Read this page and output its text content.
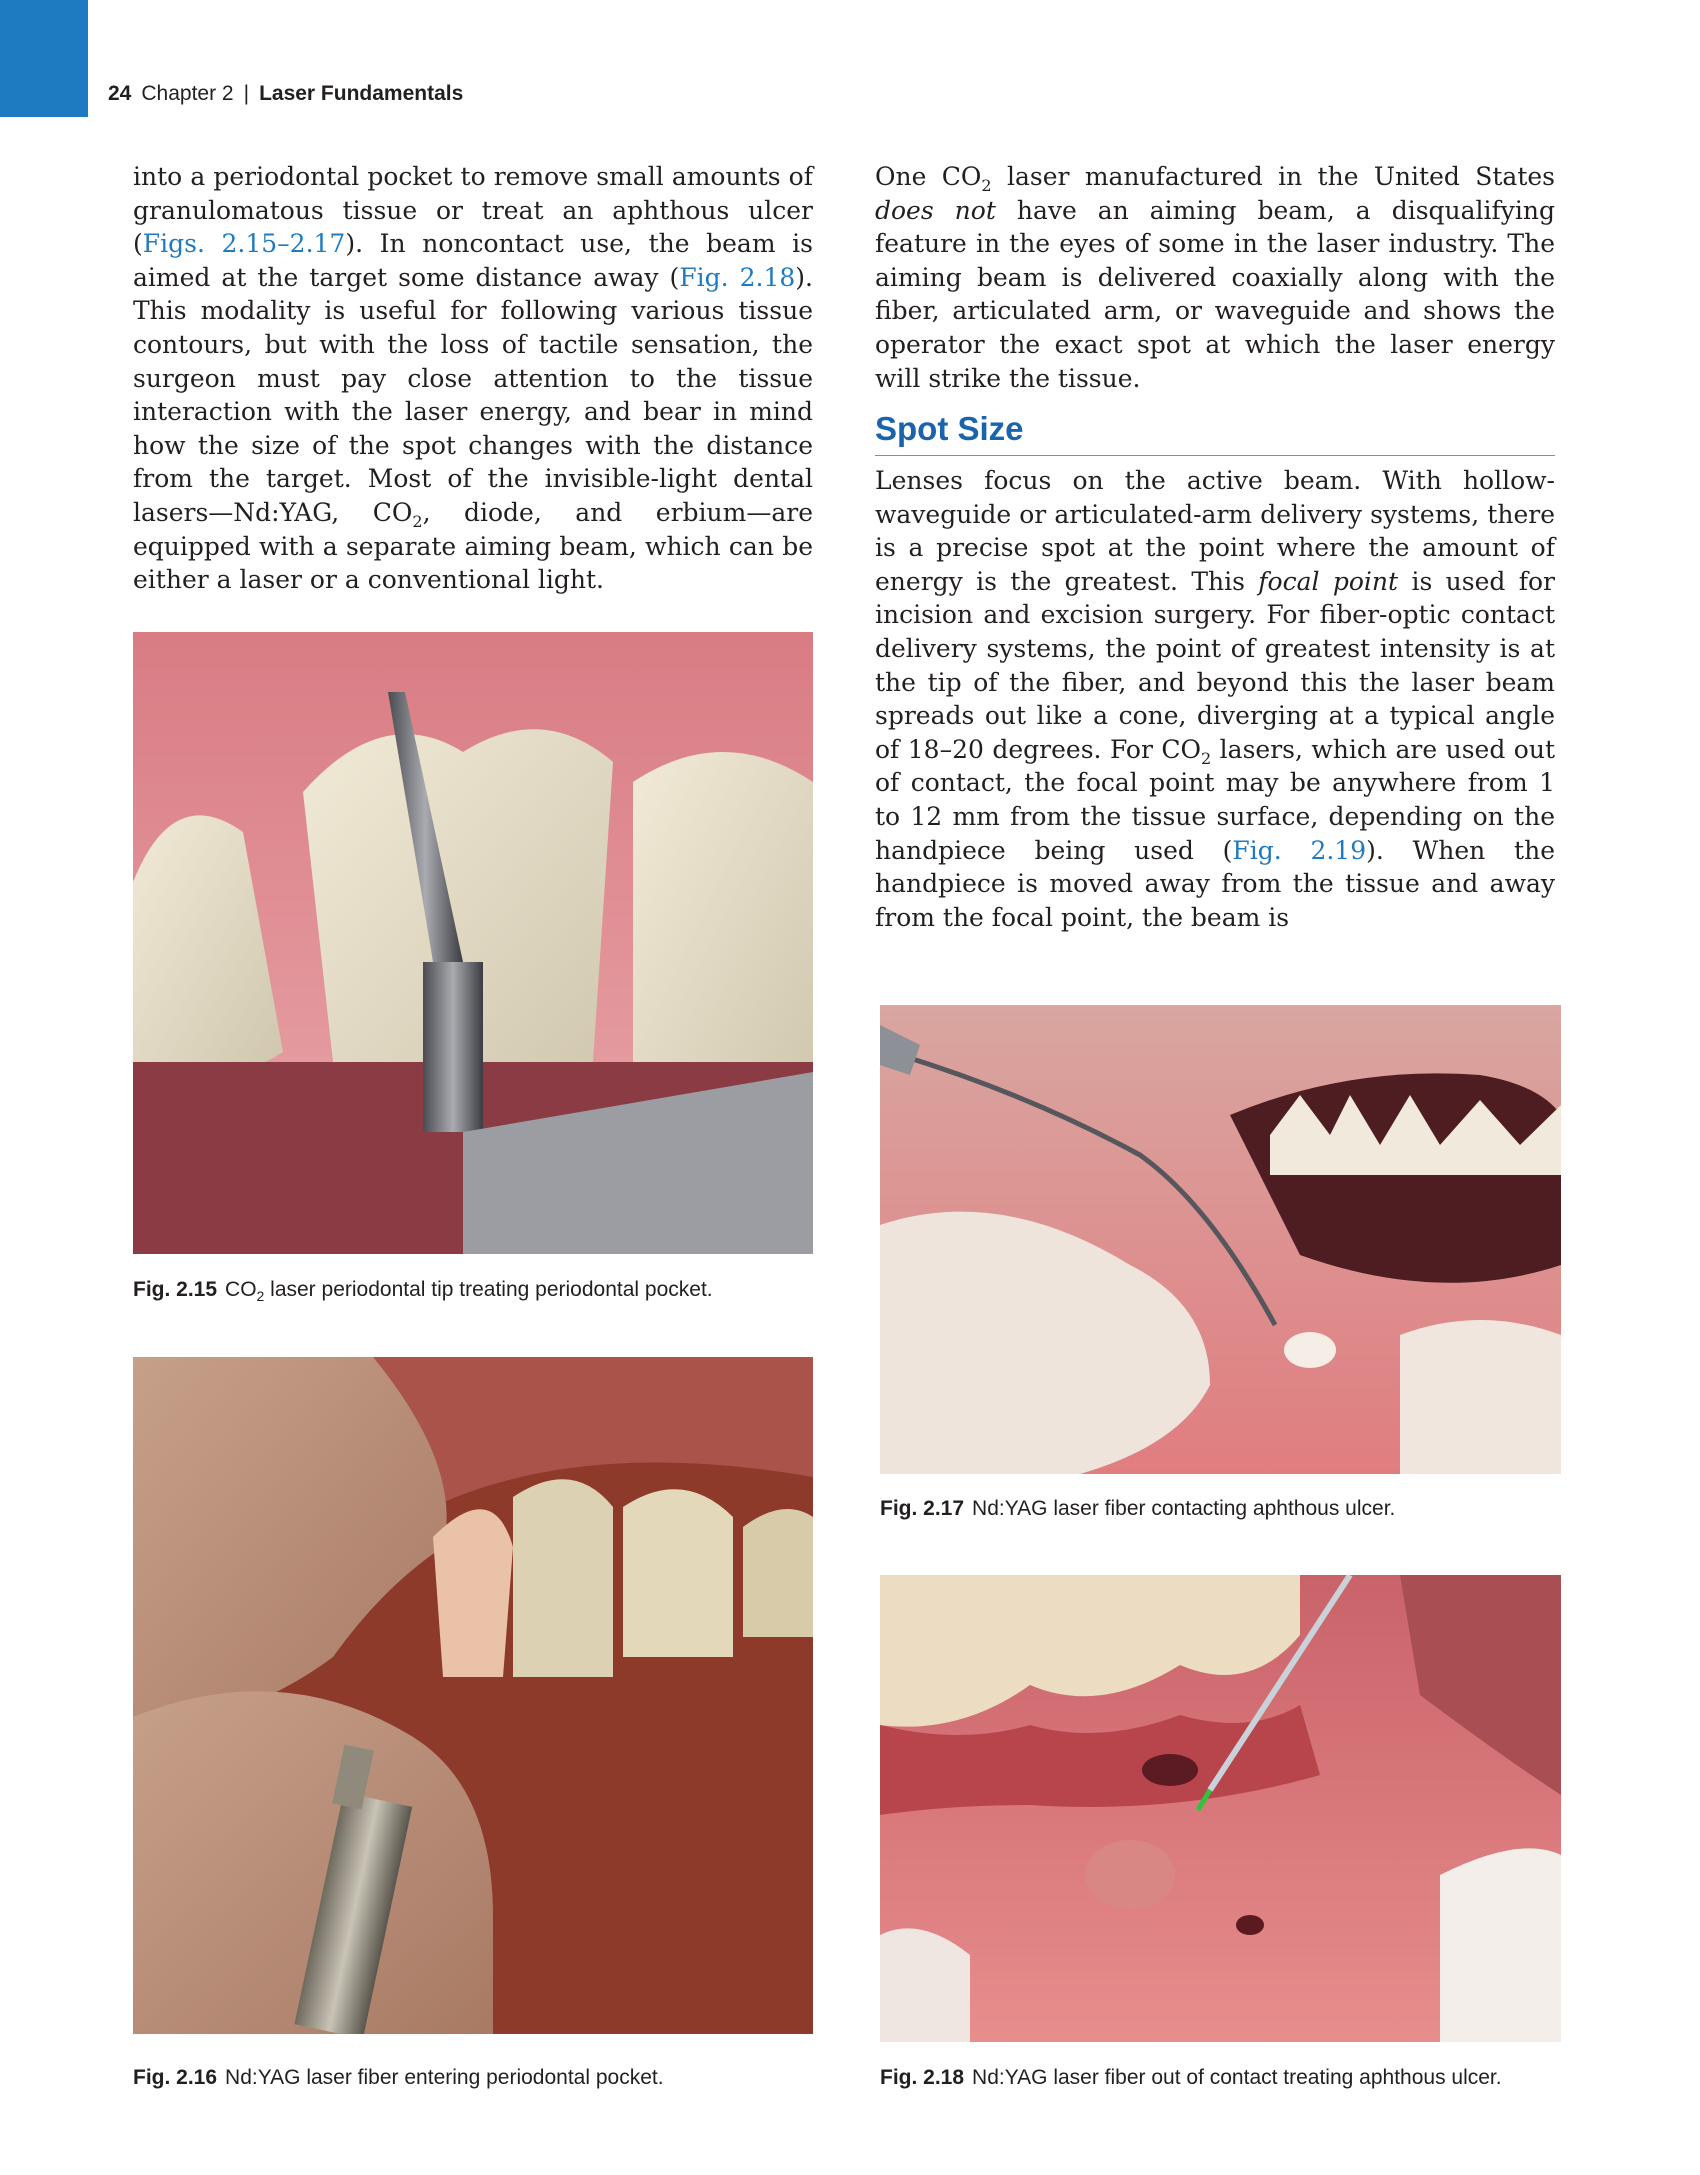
24 Chapter 2 | Laser Fundamentals

into a periodontal pocket to remove small amounts of granulomatous tissue or treat an aphthous ulcer (Figs. 2.15–2.17). In noncontact use, the beam is aimed at the target some distance away (Fig. 2.18). This modality is useful for following various tissue contours, but with the loss of tactile sensation, the surgeon must pay close attention to the tissue interaction with the laser energy, and bear in mind how the size of the spot changes with the distance from the target. Most of the invisible-light dental lasers—Nd:YAG, $CO_2$, diode, and erbium—are equipped with a separate aiming beam, which can be either a laser or a conventional light.

One $CO_2$ laser manufactured in the United States does not have an aiming beam, a disqualifying feature in the eyes of some in the laser industry. The aiming beam is delivered coaxially along with the fiber, articulated arm, or waveguide and shows the operator the exact spot at which the laser energy will strike the tissue.

Spot Size

Lenses focus on the active beam. With hollow-waveguide or articulated-arm delivery systems, there is a precise spot at the point where the amount of energy is the greatest. This focal point is used for incision and excision surgery. For fiber-optic contact delivery systems, the point of greatest intensity is at the tip of the fiber, and beyond this the laser beam spreads out like a cone, diverging at a typical angle of 18–20 degrees. For $CO_2$ lasers, which are used out of contact, the focal point may be anywhere from 1 to 12 mm from the tissue surface, depending on the handpiece being used (Fig. 2.19). When the handpiece is moved away from the tissue and away from the focal point, the beam is

Fig. 2.15 $CO_2$ laser periodontal tip treating periodontal pocket.
Fig. 2.16 Nd:YAG laser fiber entering periodontal pocket.
Fig. 2.17 Nd:YAG laser fiber contacting aphthous ulcer.
Fig. 2.18 Nd:YAG laser fiber out of contact treating aphthous ulcer.
